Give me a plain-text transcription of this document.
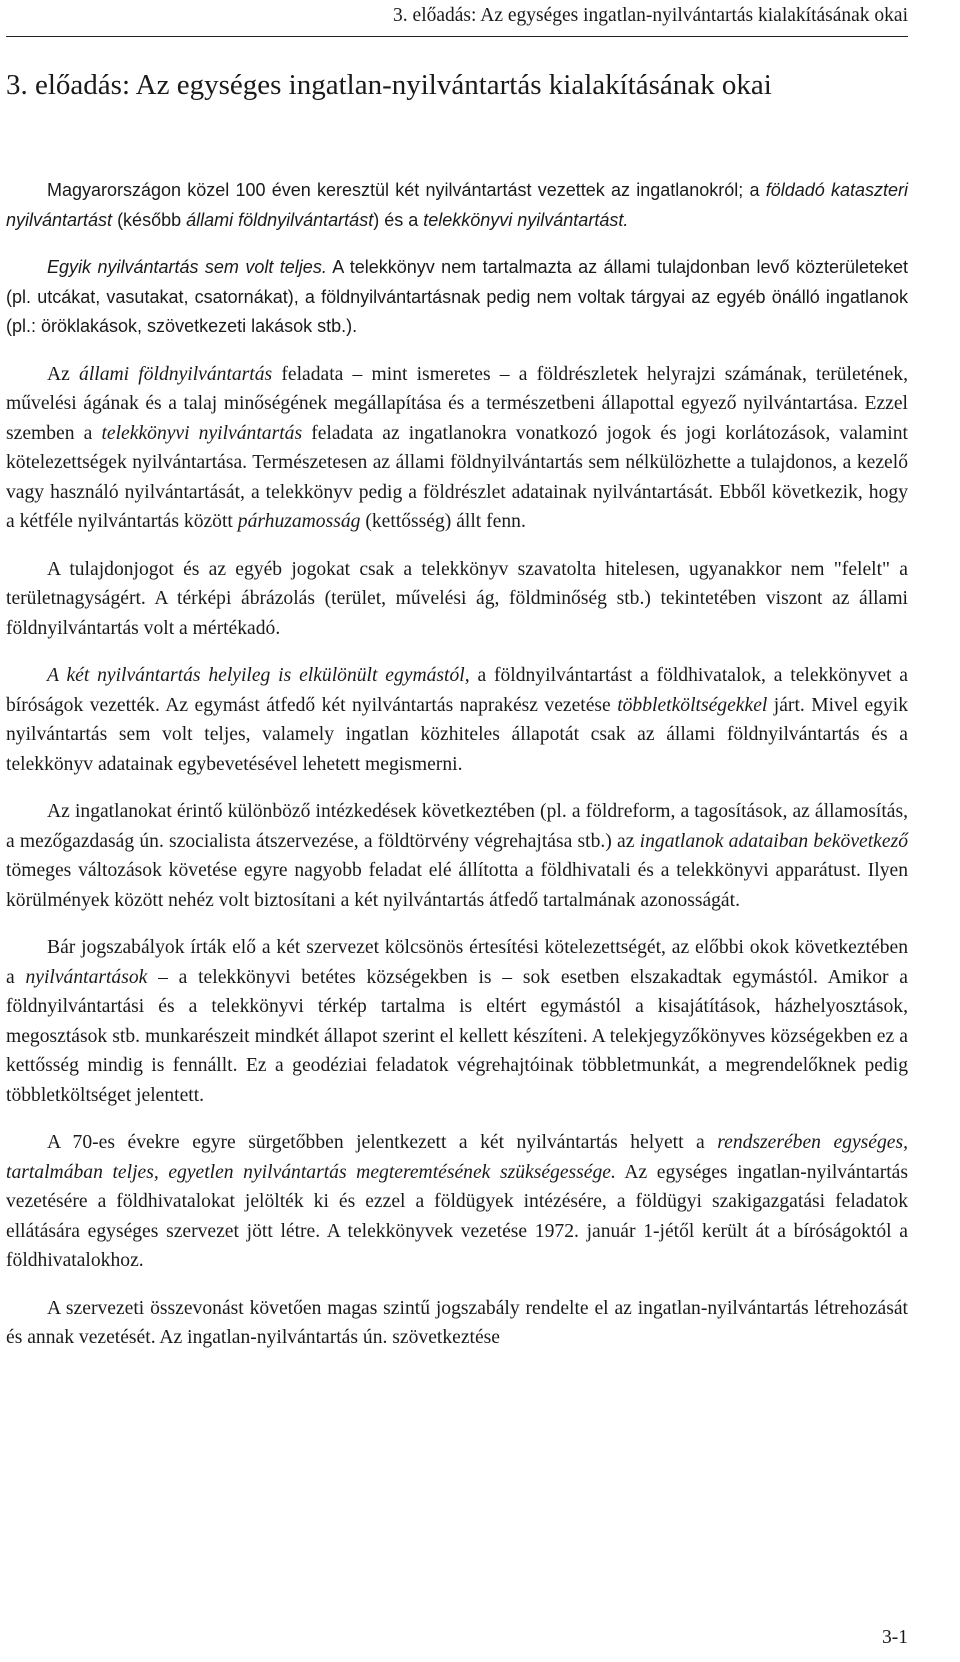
3. előadás: Az egységes ingatlan-nyilvántartás kialakításának okai
3. előadás: Az egységes ingatlan-nyilvántartás kialakításának okai

Magyarországon közel 100 éven keresztül két nyilvántartást vezettek az ingatlanokról; a földadó kataszteri nyilvántartást (később állami földnyilvántartást) és a telekkönyvi nyilvántartást.

Egyik nyilvántartás sem volt teljes. A telekkönyv nem tartalmazta az állami tulajdonban levő közterületeket (pl. utcákat, vasutakat, csatornákat), a földnyilvántartásnak pedig nem voltak tárgyai az egyéb önálló ingatlanok (pl.: öröklakások, szövetkezeti lakások stb.).

Az állami földnyilvántartás feladata – mint ismeretes – a földrészletek helyrajzi számának, területének, művelési ágának és a talaj minőségének megállapítása és a természetbeni állapottal egyező nyilvántartása. Ezzel szemben a telekkönyvi nyilvántartás feladata az ingatlanokra vonatkozó jogok és jogi korlátozások, valamint kötelezettségek nyilvántartása. Természetesen az állami földnyilvántartás sem nélkülözhette a tulajdonos, a kezelő vagy használó nyilvántartását, a telekkönyv pedig a földrészlet adatainak nyilvántartását. Ebből következik, hogy a kétféle nyilvántartás között párhuzamosság (kettősség) állt fenn.

A tulajdonjogot és az egyéb jogokat csak a telekkönyv szavatolta hitelesen, ugyanakkor nem "felelt" a területnagyságért. A térképi ábrázolás (terület, művelési ág, földminőség stb.) tekintetében viszont az állami földnyilvántartás volt a mértékadó.

A két nyilvántartás helyileg is elkülönült egymástól, a földnyilvántartást a földhivatalok, a telekkönyvet a bíróságok vezették. Az egymást átfedő két nyilvántartás naprakész vezetése többletköltségekkel járt. Mivel egyik nyilvántartás sem volt teljes, valamely ingatlan közhiteles állapotát csak az állami földnyilvántartás és a telekkönyv adatainak egybevetésével lehetett megismerni.

Az ingatlanokat érintő különböző intézkedések következtében (pl. a földreform, a tagosítások, az államosítás, a mezőgazdaság ún. szocialista átszervezése, a földtörvény végrehajtása stb.) az ingatlanok adataiban bekövetkező tömeges változások követése egyre nagyobb feladat elé állította a földhivatali és a telekkönyvi apparátust. Ilyen körülmények között nehéz volt biztosítani a két nyilvántartás átfedő tartalmának azonosságát.

Bár jogszabályok írták elő a két szervezet kölcsönös értesítési kötelezettségét, az előbbi okok következtében a nyilvántartások – a telekkönyvi betétes községekben is – sok esetben elszakadtak egymástól. Amikor a földnyilvántartási és a telekkönyvi térkép tartalma is eltért egymástól a kisajátítások, házhelyosztások, megosztások stb. munkarészeit mindkét állapot szerint el kellett készíteni. A telekjegyzőkönyves községekben ez a kettősség mindig is fennállt. Ez a geodéziai feladatok végrehajtóinak többletmunkát, a megrendelőknek pedig többletköltséget jelentett.

A 70-es évekre egyre sürgetőbben jelentkezett a két nyilvántartás helyett a rendszerében egységes, tartalmában teljes, egyetlen nyilvántartás megteremtésének szükségessége. Az egységes ingatlan-nyilvántartás vezetésére a földhivatalokat jelölték ki és ezzel a földügyek intézésére, a földügyi szakigazgatási feladatok ellátására egységes szervezet jött létre. A telekkönyvek vezetése 1972. január 1-jétől került át a bíróságoktól a földhivatalokhoz.

A szervezeti összevonást követően magas szintű jogszabály rendelte el az ingatlan-nyilvántartás létrehozását és annak vezetését. Az ingatlan-nyilvántartás ún. szövetkeztése

3-1
